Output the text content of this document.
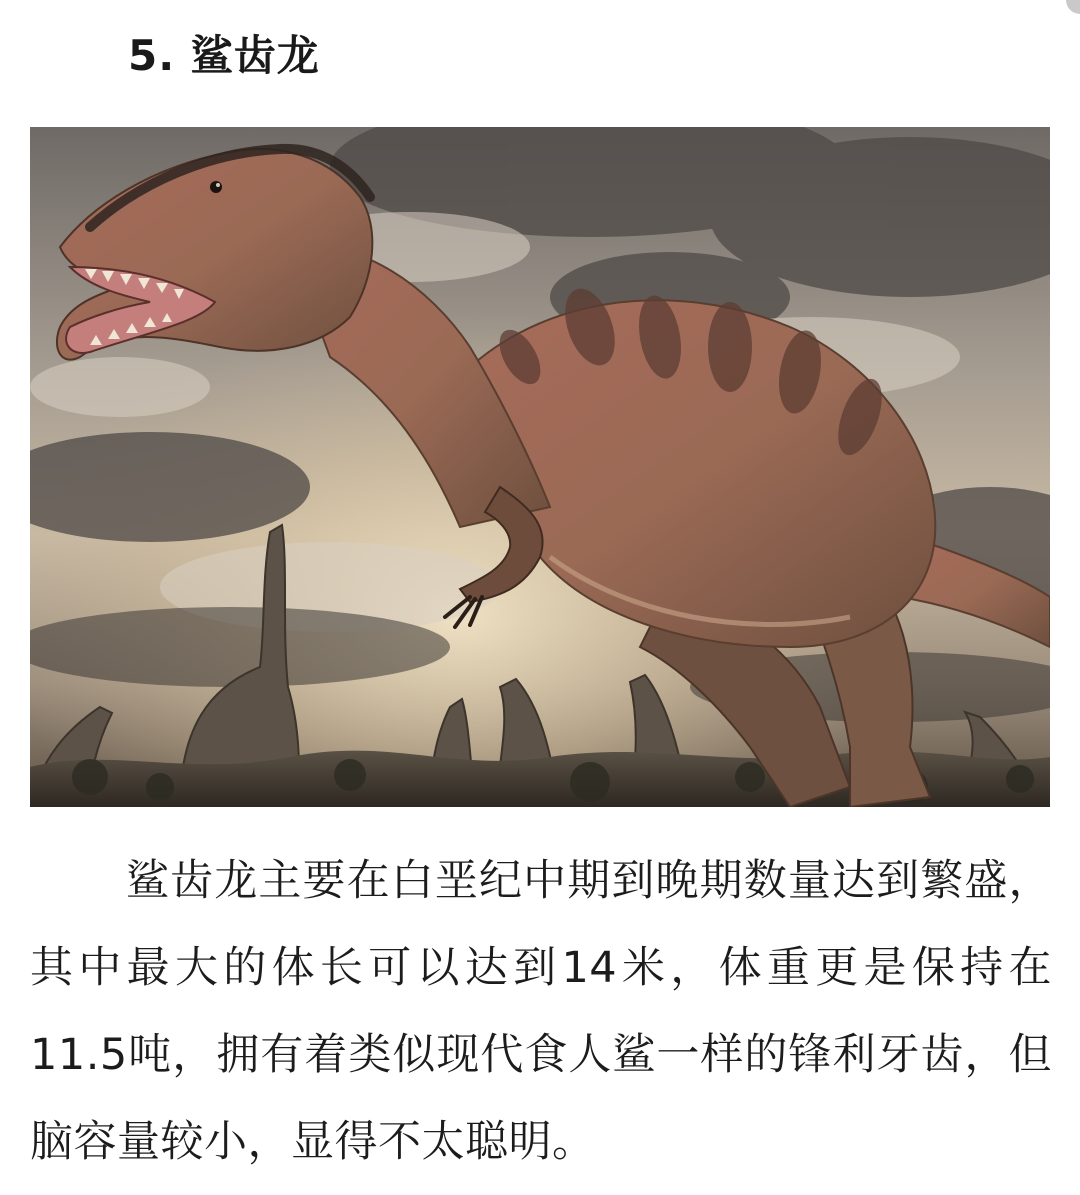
5. 鲨齿龙

鲨齿龙主要在白垩纪中期到晚期数量达到繁盛，其中最大的体长可以达到14米，体重更是保持在11.5吨，拥有着类似现代食人鲨一样的锋利牙齿，但脑容量较小，显得不太聪明。
